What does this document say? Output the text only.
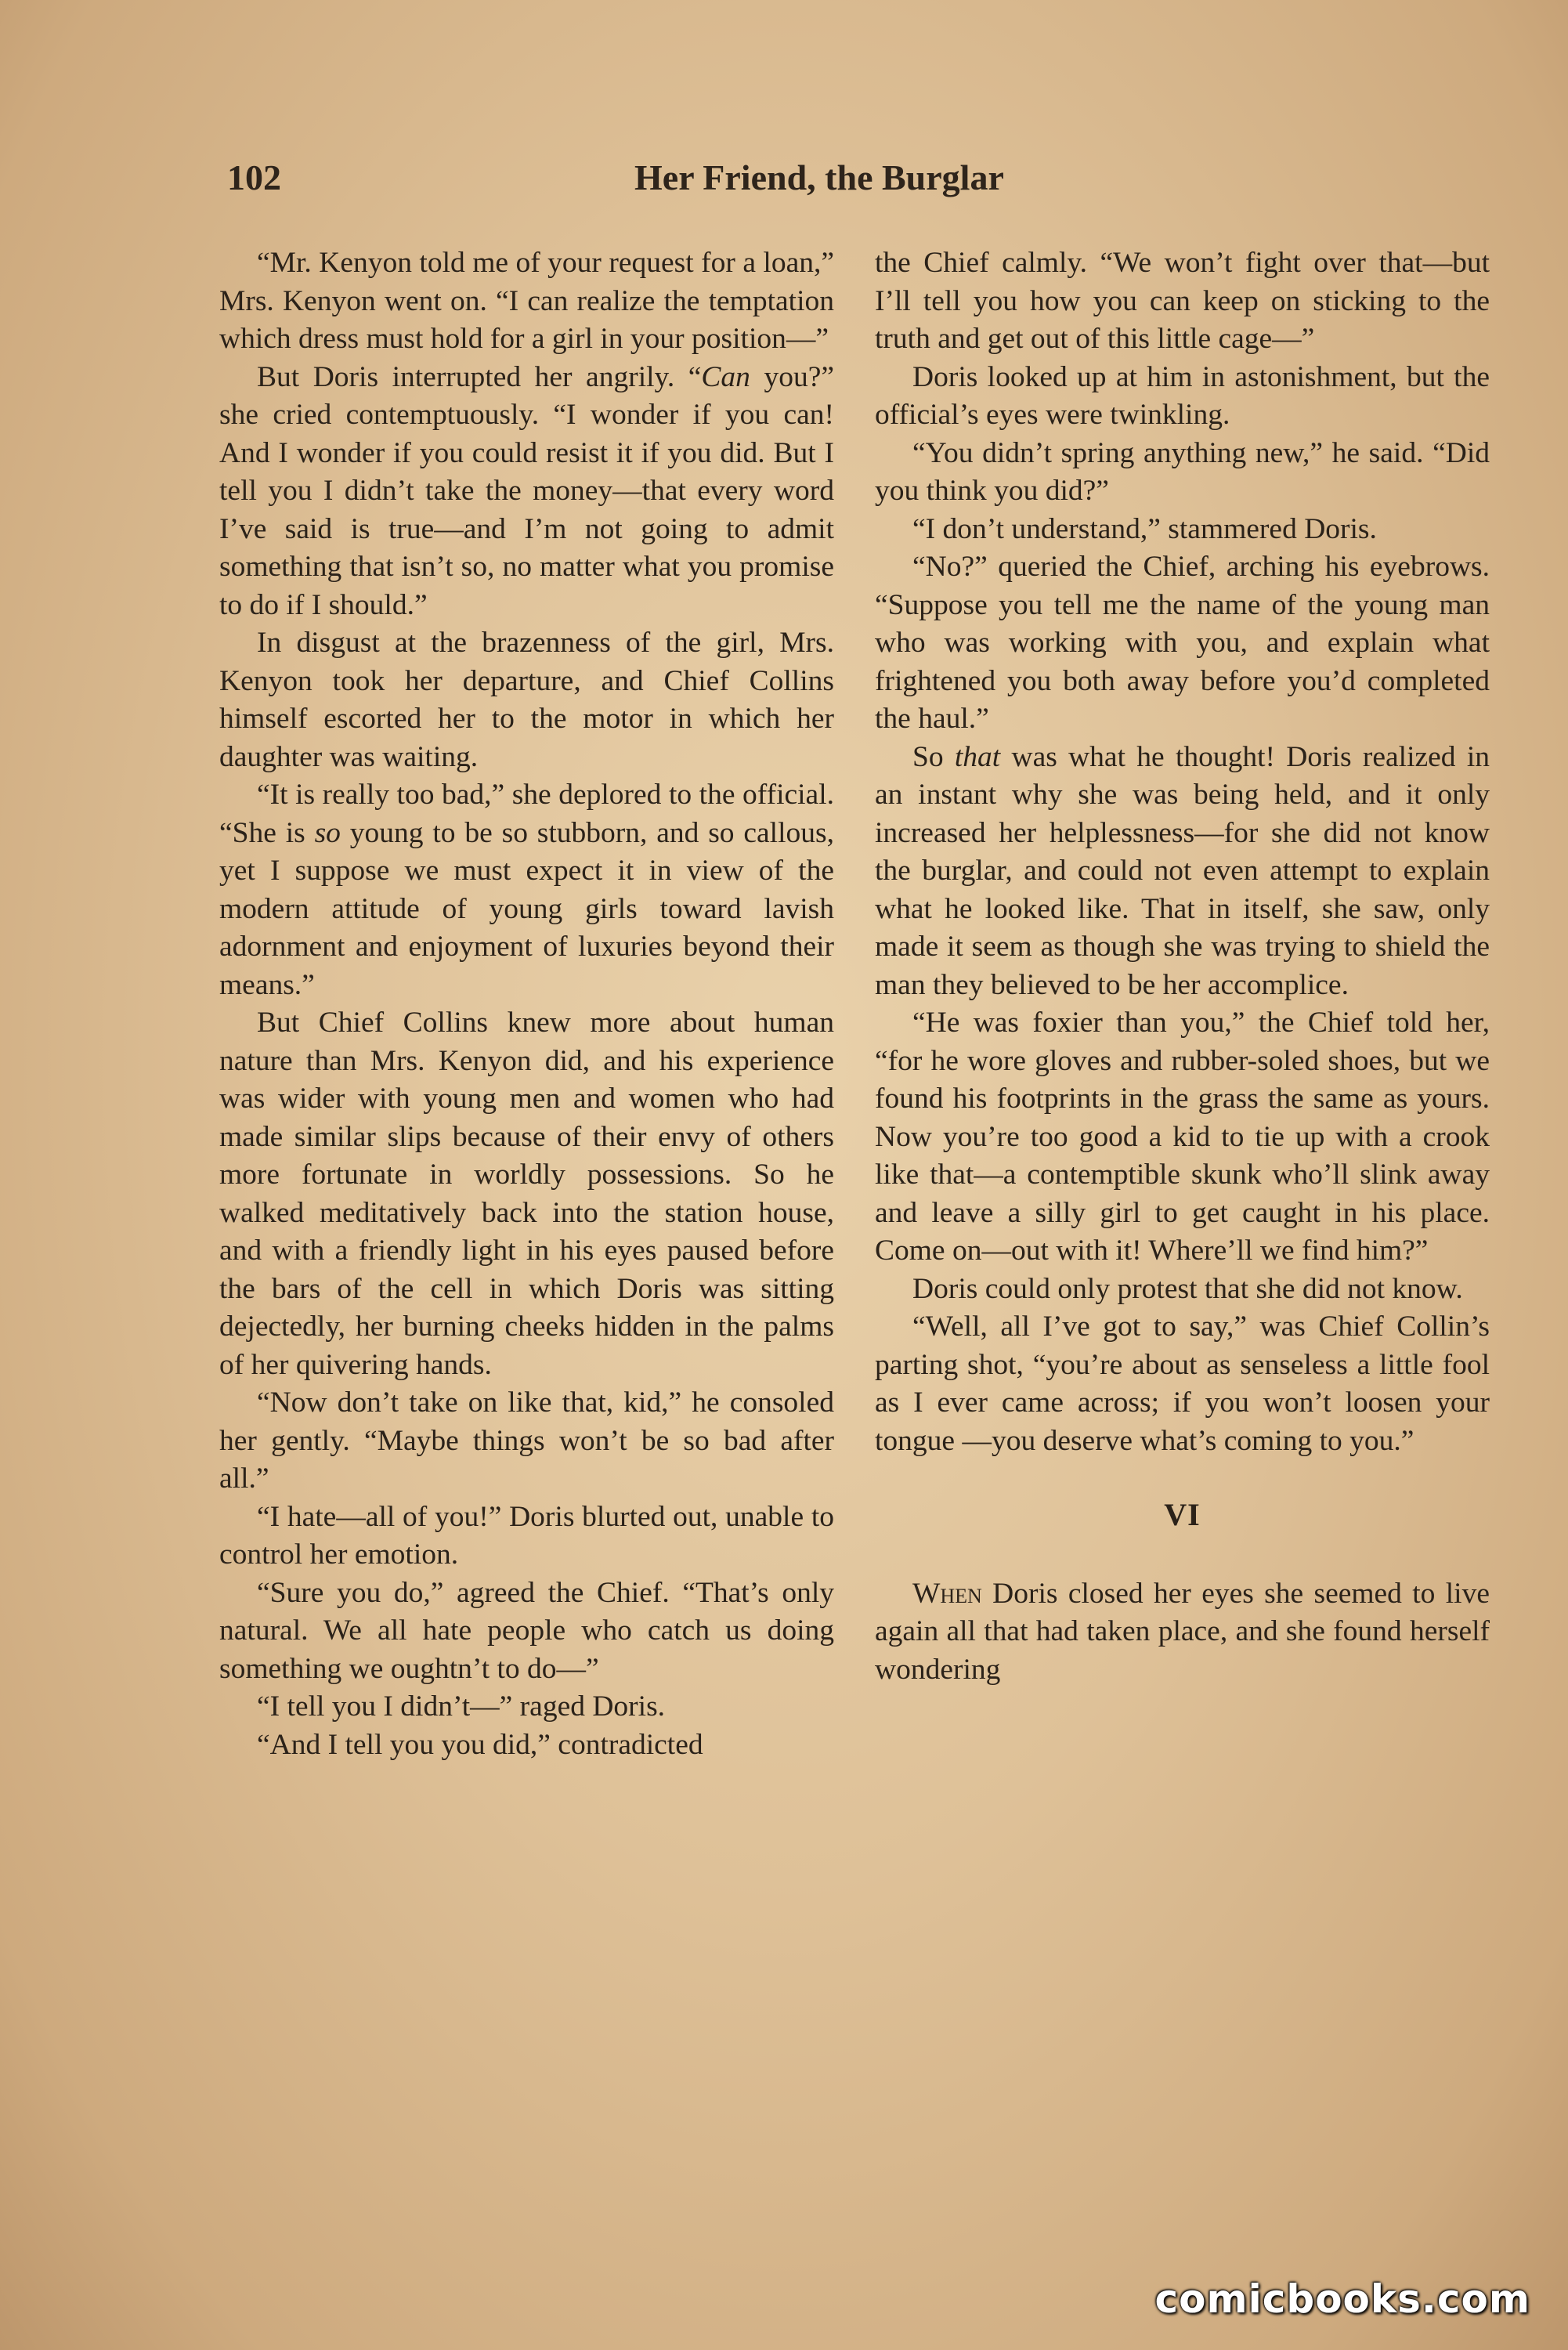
102	Her Friend, the Burglar

“Mr. Kenyon told me of your request for a loan,” Mrs. Kenyon went on. “I can realize the temptation which dress must hold for a girl in your position—”

But Doris interrupted her angrily. “Can you?” she cried contemptuously. “I wonder if you can! And I wonder if you could resist it if you did. But I tell you I didn’t take the money—that every word I’ve said is true—and I’m not going to admit something that isn’t so, no matter what you promise to do if I should.”

In disgust at the brazenness of the girl, Mrs. Kenyon took her departure, and Chief Collins himself escorted her to the motor in which her daughter was waiting.

“It is really too bad,” she deplored to the official. “She is so young to be so stubborn, and so callous, yet I suppose we must expect it in view of the modern attitude of young girls toward lavish adornment and enjoyment of luxuries beyond their means.”

But Chief Collins knew more about human nature than Mrs. Kenyon did, and his experience was wider with young men and women who had made similar slips because of their envy of others more fortunate in worldly possessions. So he walked meditatively back into the station house, and with a friendly light in his eyes paused before the bars of the cell in which Doris was sitting dejectedly, her burning cheeks hidden in the palms of her quivering hands.

“Now don’t take on like that, kid,” he consoled her gently. “Maybe things won’t be so bad after all.”

“I hate—all of you!” Doris blurted out, unable to control her emotion.

“Sure you do,” agreed the Chief. “That’s only natural. We all hate people who catch us doing something we oughtn’t to do—”

“I tell you I didn’t—” raged Doris.

“And I tell you you did,” contradicted

the Chief calmly. “We won’t fight over that—but I’ll tell you how you can keep on sticking to the truth and get out of this little cage—”

Doris looked up at him in astonishment, but the official’s eyes were twinkling.

“You didn’t spring anything new,” he said. “Did you think you did?”

“I don’t understand,” stammered Doris.

“No?” queried the Chief, arching his eyebrows. “Suppose you tell me the name of the young man who was working with you, and explain what frightened you both away before you’d completed the haul.”

So that was what he thought! Doris realized in an instant why she was being held, and it only increased her helplessness—for she did not know the burglar, and could not even attempt to explain what he looked like. That in itself, she saw, only made it seem as though she was trying to shield the man they believed to be her accomplice.

“He was foxier than you,” the Chief told her, “for he wore gloves and rubber-soled shoes, but we found his footprints in the grass the same as yours. Now you’re too good a kid to tie up with a crook like that—a contemptible skunk who’ll slink away and leave a silly girl to get caught in his place. Come on—out with it! Where’ll we find him?”

Doris could only protest that she did not know.

“Well, all I’ve got to say,” was Chief Collin’s parting shot, “you’re about as senseless a little fool as I ever came across; if you won’t loosen your tongue —you deserve what’s coming to you.”

VI

When Doris closed her eyes she seemed to live again all that had taken place, and she found herself wondering

comicbooks.com
